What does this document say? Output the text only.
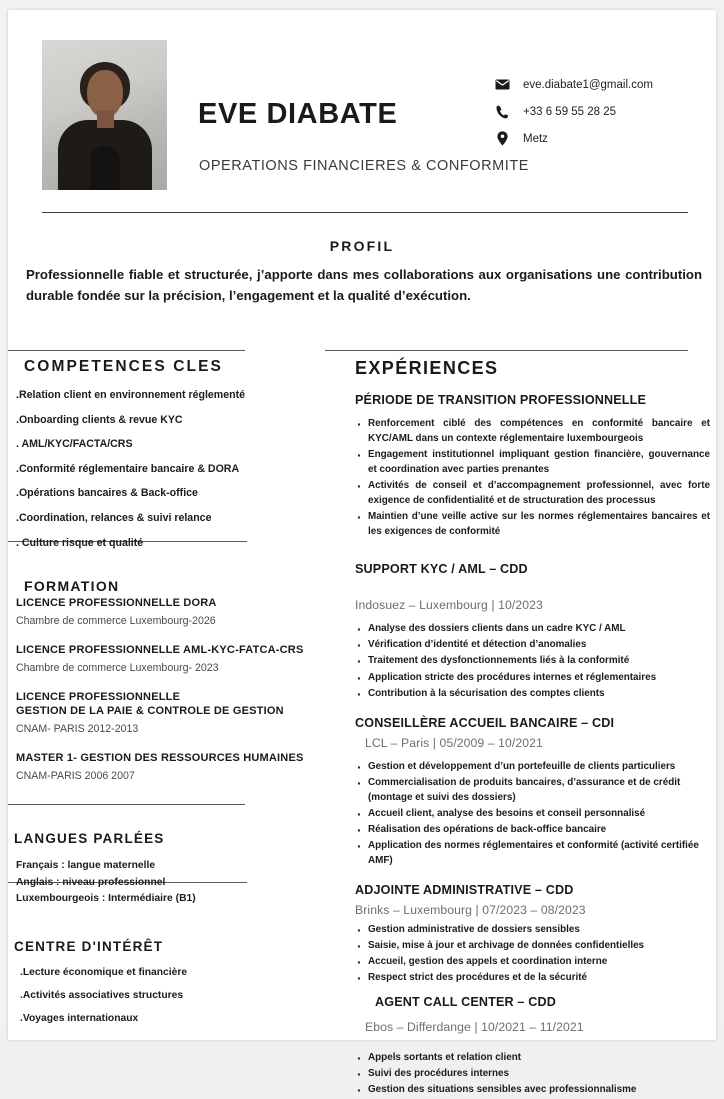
EVE DIABATE
OPERATIONS FINANCIERES & CONFORMITE
eve.diabate1@gmail.com
+33 6 59 55 28 25
Metz
PROFIL
Professionnelle fiable et structurée, j’apporte dans mes collaborations aux organisations une contribution durable fondée sur la précision, l’engagement et la qualité d’exécution.
COMPETENCES CLES
.Relation client en environnement réglementé
.Onboarding clients & revue KYC
. AML/KYC/FACTA/CRS
.Conformité réglementaire bancaire & DORA
.Opérations bancaires & Back-office
.Coordination, relances & suivi relance
. Culture risque et qualité
FORMATION
LICENCE PROFESSIONNELLE DORA
Chambre de commerce Luxembourg-2026
LICENCE PROFESSIONNELLE AML-KYC-FATCA-CRS
Chambre de commerce Luxembourg- 2023
LICENCE PROFESSIONNELLE
GESTION DE LA PAIE & CONTROLE DE GESTION
CNAM- PARIS 2012-2013
MASTER 1- GESTION DES RESSOURCES HUMAINES
CNAM-PARIS 2006 2007
LANGUES PARLÉES
Français : langue maternelle
Anglais : niveau professionnel
Luxembourgeois : Intermédiaire (B1)
CENTRE D'INTÉRÊT
.Lecture économique et financière
.Activités associatives structures
.Voyages internationaux
EXPÉRIENCES
PÉRIODE DE TRANSITION PROFESSIONNELLE
· Renforcement ciblé des compétences en conformité bancaire et KYC/AML dans un contexte réglementaire luxembourgeois
· Engagement institutionnel impliquant gestion financière, gouvernance et coordination avec parties prenantes
· Activités de conseil et d’accompagnement professionnel, avec forte exigence de confidentialité et de structuration des processus
· Maintien d’une veille active sur les normes réglementaires bancaires et les exigences de conformité
SUPPORT KYC / AML – CDD
Indosuez – Luxembourg | 10/2023
· Analyse des dossiers clients dans un cadre KYC / AML
· Vérification d’identité et détection d’anomalies
· Traitement des dysfonctionnements liés à la conformité
· Application stricte des procédures internes et réglementaires
· Contribution à la sécurisation des comptes clients
CONSEILLÈRE ACCUEIL BANCAIRE – CDI
LCL – Paris | 05/2009 – 10/2021
· Gestion et développement d’un portefeuille de clients particuliers
· Commercialisation de produits bancaires, d’assurance et de crédit (montage et suivi des dossiers)
· Accueil client, analyse des besoins et conseil personnalisé
· Réalisation des opérations de back-office bancaire
· Application des normes réglementaires et conformité (activité certifiée AMF)
ADJOINTE ADMINISTRATIVE – CDD
Brinks – Luxembourg | 07/2023 – 08/2023
· Gestion administrative de dossiers sensibles
· Saisie, mise à jour et archivage de données confidentielles
· Accueil, gestion des appels et coordination interne
· Respect strict des procédures et de la sécurité
AGENT CALL CENTER – CDD
Ebos – Differdange | 10/2021 – 11/2021
· Appels sortants et relation client
· Suivi des procédures internes
· Gestion des situations sensibles avec professionnalisme
